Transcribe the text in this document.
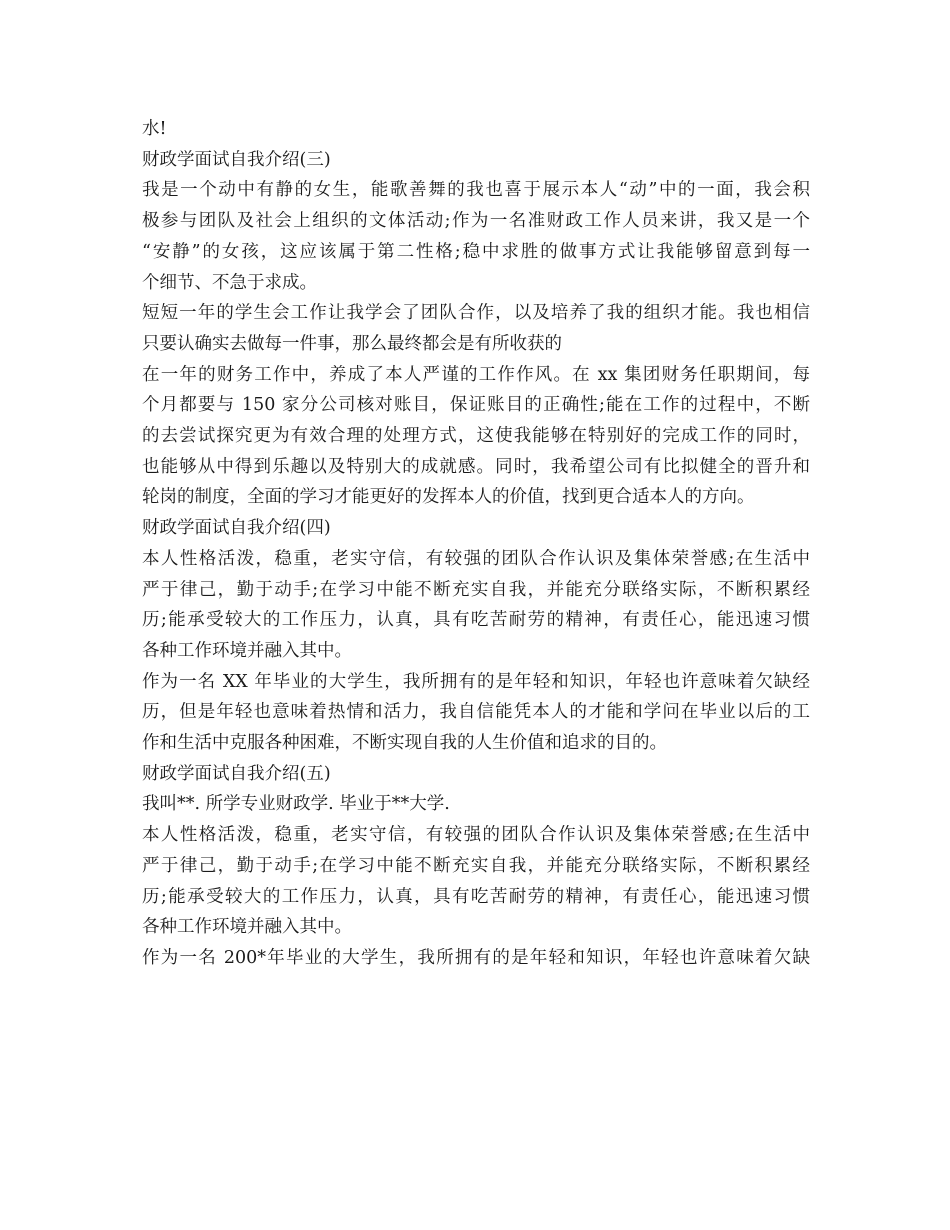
水!
财政学面试自我介绍(三)
我是一个动中有静的女生，能歌善舞的我也喜于展示本人“动”中的一面，我会积
极参与团队及社会上组织的文体活动;作为一名准财政工作人员来讲，我又是一个
“安静”的女孩，这应该属于第二性格;稳中求胜的做事方式让我能够留意到每一
个细节、不急于求成。
短短一年的学生会工作让我学会了团队合作，以及培养了我的组织才能。我也相信
只要认确实去做每一件事，那么最终都会是有所收获的
在一年的财务工作中，养成了本人严谨的工作作风。在 xx 集团财务任职期间，每
个月都要与 150 家分公司核对账目，保证账目的正确性;能在工作的过程中，不断
的去尝试探究更为有效合理的处理方式，这使我能够在特别好的完成工作的同时，
也能够从中得到乐趣以及特别大的成就感。同时，我希望公司有比拟健全的晋升和
轮岗的制度，全面的学习才能更好的发挥本人的价值，找到更合适本人的方向。
财政学面试自我介绍(四)
本人性格活泼，稳重，老实守信，有较强的团队合作认识及集体荣誉感;在生活中
严于律己，勤于动手;在学习中能不断充实自我，并能充分联络实际，不断积累经
历;能承受较大的工作压力，认真，具有吃苦耐劳的精神，有责任心，能迅速习惯
各种工作环境并融入其中。
作为一名 XX 年毕业的大学生，我所拥有的是年轻和知识，年轻也许意味着欠缺经
历，但是年轻也意味着热情和活力，我自信能凭本人的才能和学问在毕业以后的工
作和生活中克服各种困难，不断实现自我的人生价值和追求的目的。
财政学面试自我介绍(五)
我叫**. 所学专业财政学. 毕业于**大学.
本人性格活泼，稳重，老实守信，有较强的团队合作认识及集体荣誉感;在生活中
严于律己，勤于动手;在学习中能不断充实自我，并能充分联络实际，不断积累经
历;能承受较大的工作压力，认真，具有吃苦耐劳的精神，有责任心，能迅速习惯
各种工作环境并融入其中。
作为一名 200*年毕业的大学生，我所拥有的是年轻和知识，年轻也许意味着欠缺
